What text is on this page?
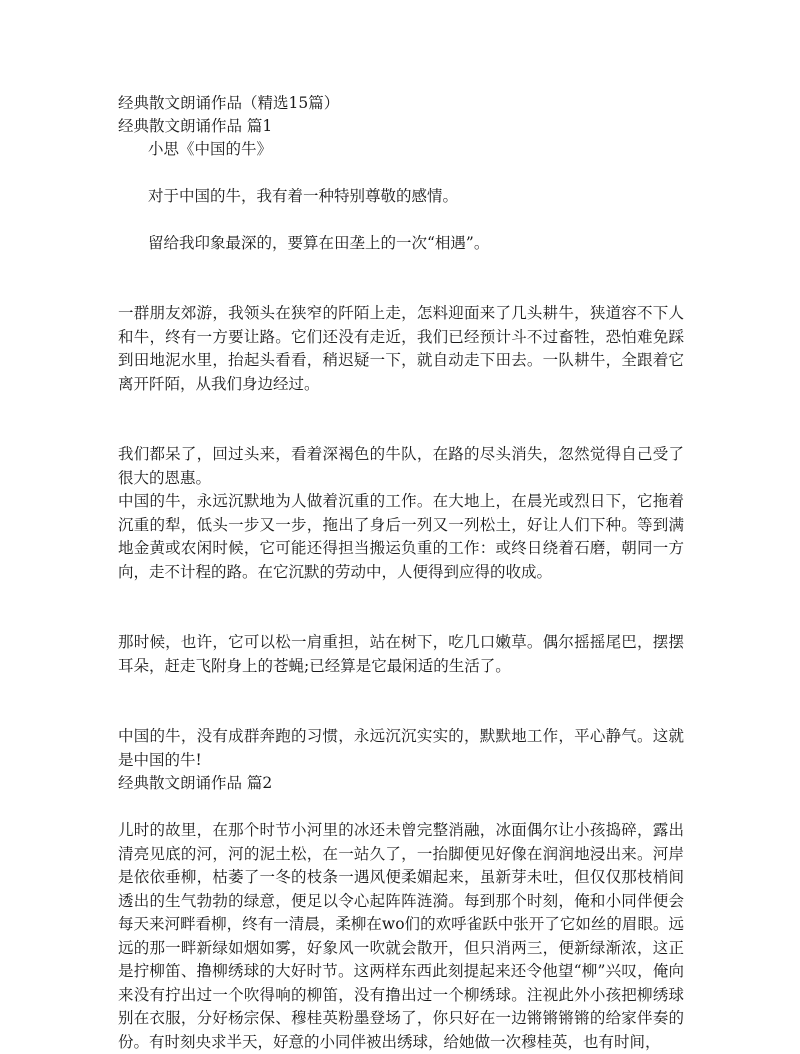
经典散文朗诵作品（精选15篇）

经典散文朗诵作品 篇1

小思《中国的牛》

对于中国的牛，我有着一种特别尊敬的感情。

留给我印象最深的，要算在田垄上的一次“相遇”。

一群朋友郊游，我领头在狭窄的阡陌上走，怎料迎面来了几头耕牛，狭道容不下人和牛，终有一方要让路。它们还没有走近，我们已经预计斗不过畜牲，恐怕难免踩到田地泥水里，抬起头看看，稍迟疑一下，就自动走下田去。一队耕牛，全跟着它离开阡陌，从我们身边经过。

我们都呆了，回过头来，看着深褐色的牛队，在路的尽头消失，忽然觉得自己受了很大的恩惠。

中国的牛，永远沉默地为人做着沉重的工作。在大地上，在晨光或烈日下，它拖着沉重的犁，低头一步又一步，拖出了身后一列又一列松土，好让人们下种。等到满地金黄或农闲时候，它可能还得担当搬运负重的工作：或终日绕着石磨，朝同一方向，走不计程的路。在它沉默的劳动中，人便得到应得的收成。

那时候，也许，它可以松一肩重担，站在树下，吃几口嫩草。偶尔摇摇尾巴，摆摆耳朵，赶走飞附身上的苍蝇;已经算是它最闲适的生活了。

中国的牛，没有成群奔跑的习惯，永远沉沉实实的，默默地工作，平心静气。这就是中国的牛!

经典散文朗诵作品 篇2

儿时的故里，在那个时节小河里的冰还未曾完整消融，冰面偶尔让小孩捣碎，露出清亮见底的河，河的泥土松，在一站久了，一抬脚便见好像在润润地浸出来。河岸是依依垂柳，枯萎了一冬的枝条一遇风便柔媚起来，虽新芽未吐，但仅仅那枝梢间透出的生气勃勃的绿意，便足以令心起阵阵涟漪。每到那个时刻，俺和小同伴便会每天来河畔看柳，终有一清晨，柔柳在wo们的欢呼雀跃中张开了它如丝的眉眼。远远的那一畔新绿如烟如雾，好象风一吹就会散开，但只消两三，便新绿渐浓，这正是拧柳笛、撸柳绣球的大好时节。这两样东西此刻提起来还令他望“柳”兴叹，俺向来没有拧出过一个吹得响的柳笛，没有撸出过一个柳绣球。注视此外小孩把柳绣球别在衣服，分好杨宗保、穆桂英粉墨登场了，你只好在一边锵锵锵锵的给家伴奏的份。有时刻央求半天，好意的小同伴被出绣球，给她做一次穆桂英，也有时间，
